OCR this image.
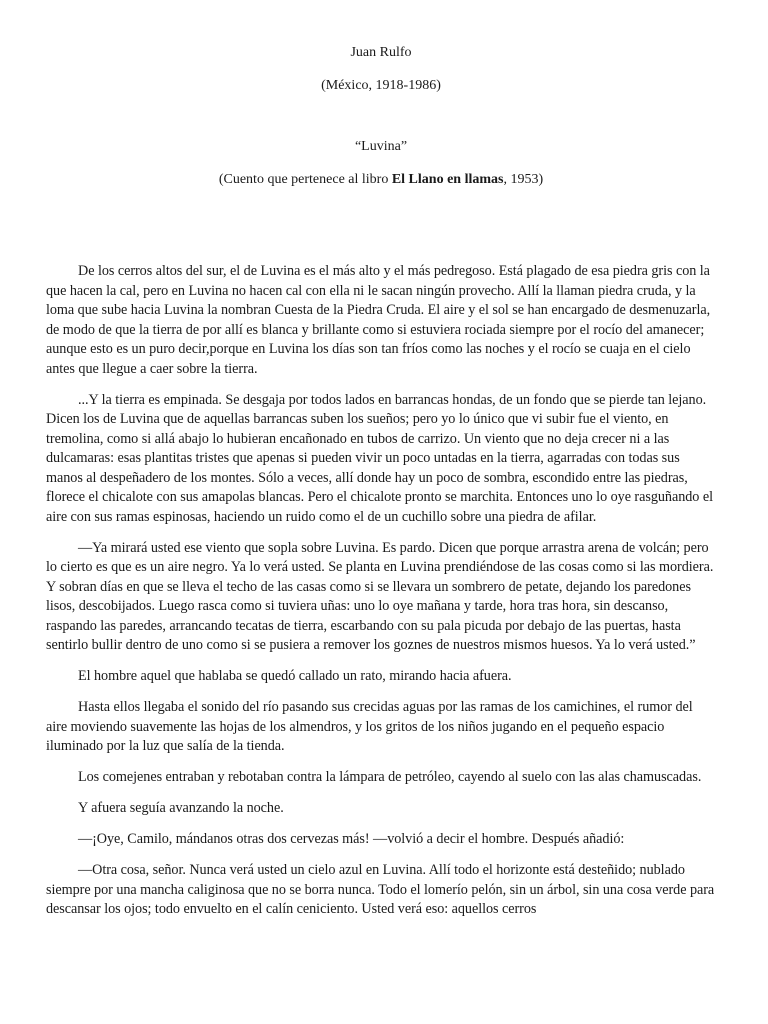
Juan Rulfo

(México, 1918-1986)

“Luvina”

(Cuento que pertenece al libro El Llano en llamas, 1953)

De los cerros altos del sur, el de Luvina es el más alto y el más pedregoso. Está plagado de esa piedra gris con la que hacen la cal, pero en Luvina no hacen cal con ella ni le sacan ningún provecho. Allí la llaman piedra cruda, y la loma que sube hacia Luvina la nombran Cuesta de la Piedra Cruda. El aire y el sol se han encargado de desmenuzarla, de modo de que la tierra de por allí es blanca y brillante como si estuviera rociada siempre por el rocío del amanecer; aunque esto es un puro decir,porque en Luvina los días son tan fríos como las noches y el rocío se cuaja en el cielo antes que llegue a caer sobre la tierra.

...Y la tierra es empinada. Se desgaja por todos lados en barrancas hondas, de un fondo que se pierde tan lejano. Dicen los de Luvina que de aquellas barrancas suben los sueños; pero yo lo único que vi subir fue el viento, en tremolina, como si allá abajo lo hubieran encañonado en tubos de carrizo. Un viento que no deja crecer ni a las dulcamaras: esas plantitas tristes que apenas si pueden vivir un poco untadas en la tierra, agarradas con todas sus manos al despeñadero de los montes. Sólo a veces, allí donde hay un poco de sombra, escondido entre las piedras, florece el chicalote con sus amapolas blancas. Pero el chicalote pronto se marchita. Entonces uno lo oye rasguñando el aire con sus ramas espinosas, haciendo un ruido como el de un cuchillo sobre una piedra de afilar.

—Ya mirará usted ese viento que sopla sobre Luvina. Es pardo. Dicen que porque arrastra arena de volcán; pero lo cierto es que es un aire negro. Ya lo verá usted. Se planta en Luvina prendiéndose de las cosas como si las mordiera. Y sobran días en que se lleva el techo de las casas como si se llevara un sombrero de petate, dejando los paredones lisos, descobijados. Luego rasca como si tuviera uñas: uno lo oye mañana y tarde, hora tras hora, sin descanso, raspando las paredes, arrancando tecatas de tierra, escarbando con su pala picuda por debajo de las puertas, hasta sentirlo bullir dentro de uno como si se pusiera a remover los goznes de nuestros mismos huesos. Ya lo verá usted.”

El hombre aquel que hablaba se quedó callado un rato, mirando hacia afuera.

Hasta ellos llegaba el sonido del río pasando sus crecidas aguas por las ramas de los camichines, el rumor del aire moviendo suavemente las hojas de los almendros, y los gritos de los niños jugando en el pequeño espacio iluminado por la luz que salía de la tienda.

Los comejenes entraban y rebotaban contra la lámpara de petróleo, cayendo al suelo con las alas chamuscadas.

Y afuera seguía avanzando la noche.

—¡Oye, Camilo, mándanos otras dos cervezas más! —volvió a decir el hombre. Después añadió:

—Otra cosa, señor. Nunca verá usted un cielo azul en Luvina. Allí todo el horizonte está desteñido; nublado siempre por una mancha caliginosa que no se borra nunca. Todo el lomerío pelón, sin un árbol, sin una cosa verde para descansar los ojos; todo envuelto en el calín ceniciento. Usted verá eso: aquellos cerros
